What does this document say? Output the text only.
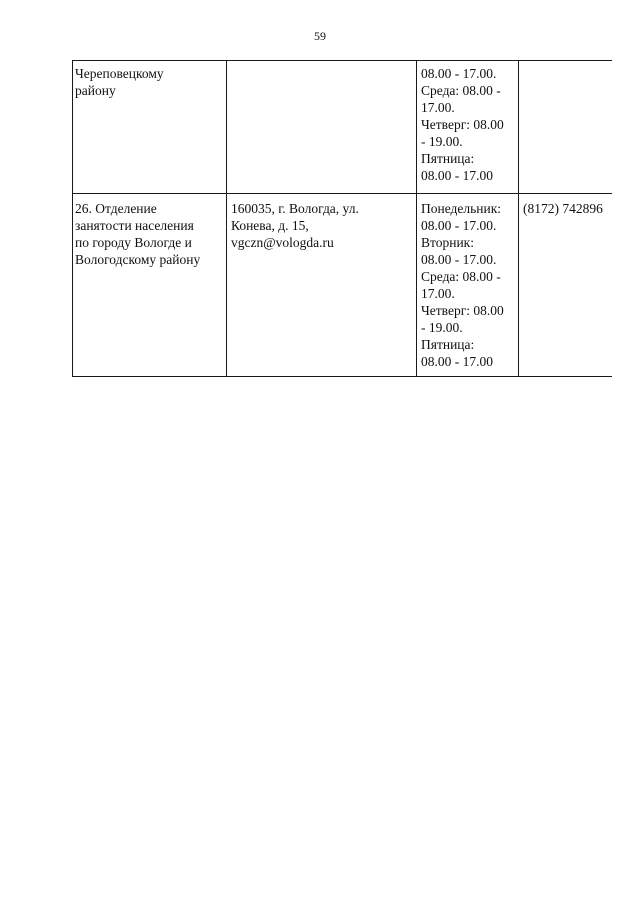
59
Череповецкому
району
08.00 - 17.00.
Среда: 08.00 -
17.00.
Четверг: 08.00
- 19.00.
Пятница:
08.00 - 17.00
26. Отделение
занятости населения
по городу Вологде и
Вологодскому району
160035, г. Вологда, ул.
Конева, д. 15,
vgczn@vologda.ru
Понедельник:
08.00 - 17.00.
Вторник:
08.00 - 17.00.
Среда: 08.00 -
17.00.
Четверг: 08.00
- 19.00.
Пятница:
08.00 - 17.00
(8172) 742896
